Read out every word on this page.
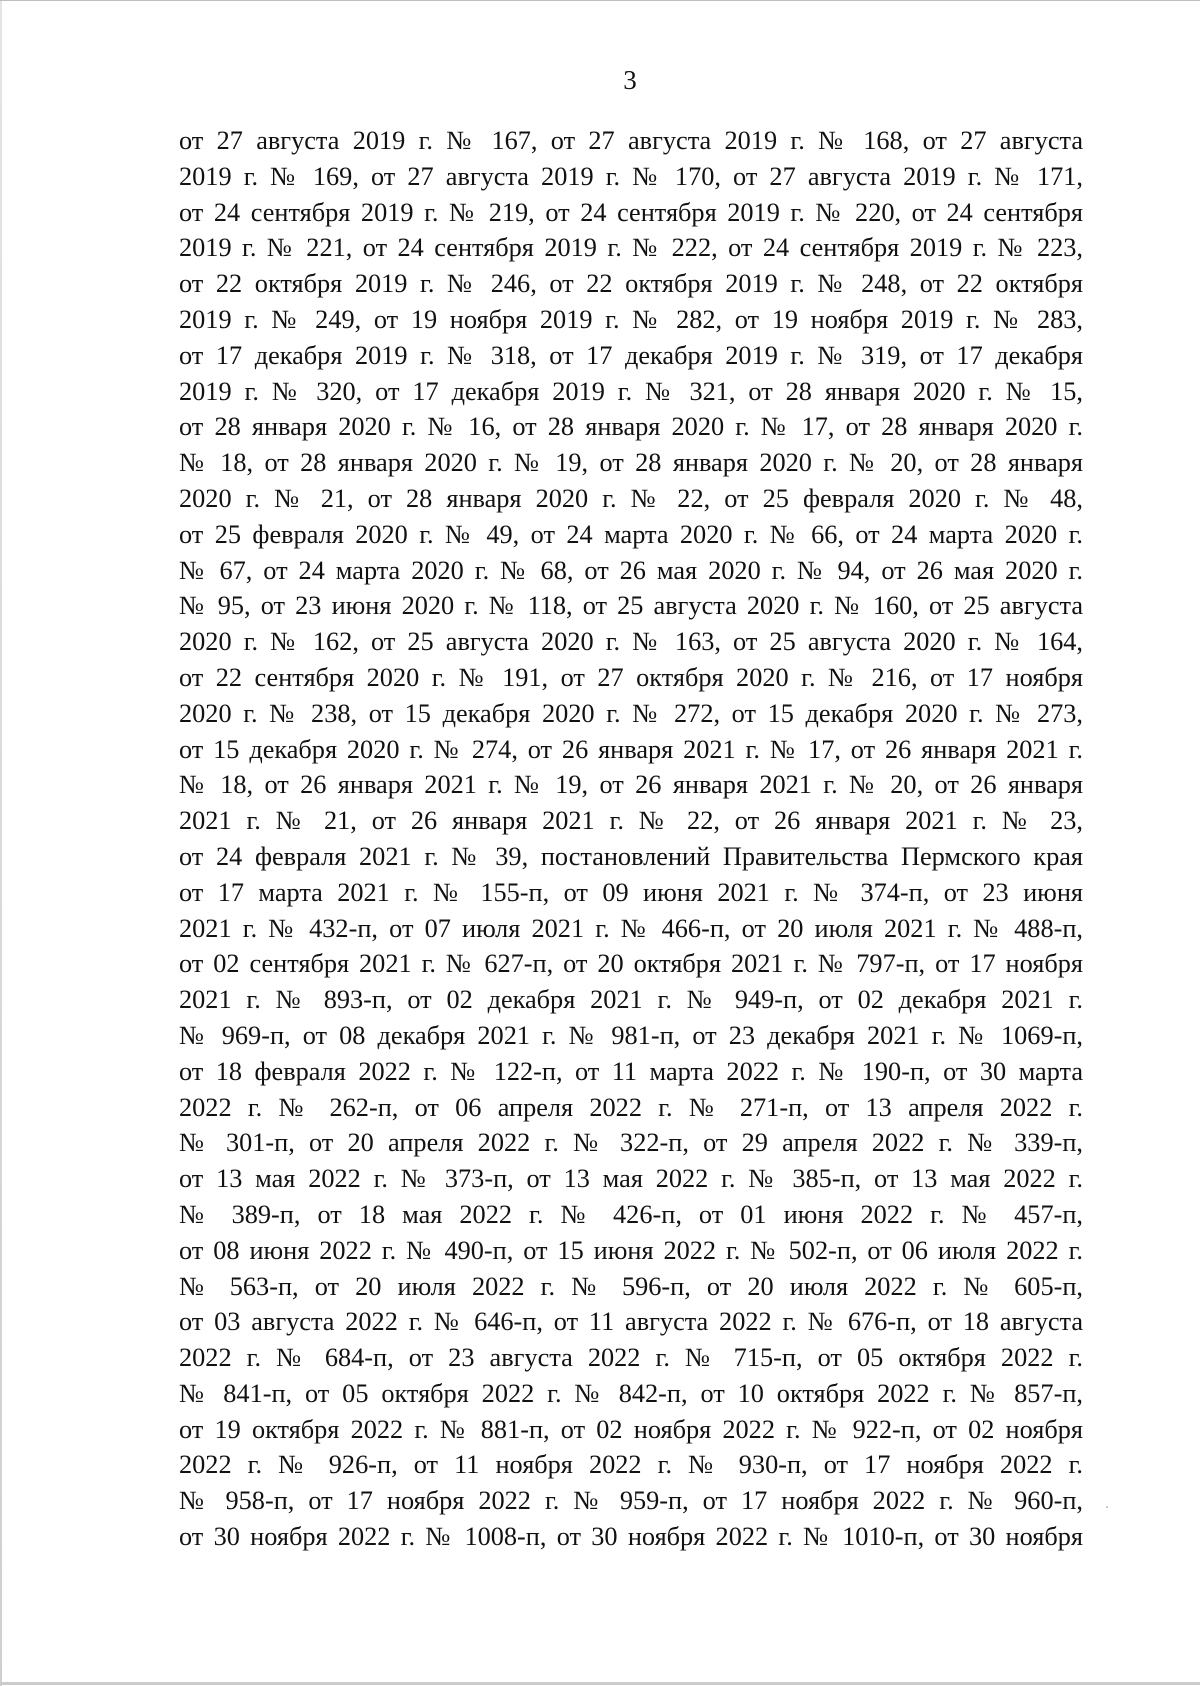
3
от 27 августа 2019 г. № 167, от 27 августа 2019 г. № 168, от 27 августа
2019 г. № 169, от 27 августа 2019 г. № 170, от 27 августа 2019 г. № 171,
от 24 сентября 2019 г. № 219, от 24 сентября 2019 г. № 220, от 24 сентября
2019 г. № 221, от 24 сентября 2019 г. № 222, от 24 сентября 2019 г. № 223,
от 22 октября 2019 г. № 246, от 22 октября 2019 г. № 248, от 22 октября
2019 г. № 249, от 19 ноября 2019 г. № 282, от 19 ноября 2019 г. № 283,
от 17 декабря 2019 г. № 318, от 17 декабря 2019 г. № 319, от 17 декабря
2019 г. № 320, от 17 декабря 2019 г. № 321, от 28 января 2020 г. № 15,
от 28 января 2020 г. № 16, от 28 января 2020 г. № 17, от 28 января 2020 г.
№ 18, от 28 января 2020 г. № 19, от 28 января 2020 г. № 20, от 28 января
2020 г. № 21, от 28 января 2020 г. № 22, от 25 февраля 2020 г. № 48,
от 25 февраля 2020 г. № 49, от 24 марта 2020 г. № 66, от 24 марта 2020 г.
№ 67, от 24 марта 2020 г. № 68, от 26 мая 2020 г. № 94, от 26 мая 2020 г.
№ 95, от 23 июня 2020 г. № 118, от 25 августа 2020 г. № 160, от 25 августа
2020 г. № 162, от 25 августа 2020 г. № 163, от 25 августа 2020 г. № 164,
от 22 сентября 2020 г. № 191, от 27 октября 2020 г. № 216, от 17 ноября
2020 г. № 238, от 15 декабря 2020 г. № 272, от 15 декабря 2020 г. № 273,
от 15 декабря 2020 г. № 274, от 26 января 2021 г. № 17, от 26 января 2021 г.
№ 18, от 26 января 2021 г. № 19, от 26 января 2021 г. № 20, от 26 января
2021 г. № 21, от 26 января 2021 г. № 22, от 26 января 2021 г. № 23,
от 24 февраля 2021 г. № 39, постановлений Правительства Пермского края
от 17 марта 2021 г. № 155-п, от 09 июня 2021 г. № 374-п, от 23 июня
2021 г. № 432-п, от 07 июля 2021 г. № 466-п, от 20 июля 2021 г. № 488-п,
от 02 сентября 2021 г. № 627-п, от 20 октября 2021 г. № 797-п, от 17 ноября
2021 г. № 893-п, от 02 декабря 2021 г. № 949-п, от 02 декабря 2021 г.
№ 969-п, от 08 декабря 2021 г. № 981-п, от 23 декабря 2021 г. № 1069-п,
от 18 февраля 2022 г. № 122-п, от 11 марта 2022 г. № 190-п, от 30 марта
2022 г. № 262-п, от 06 апреля 2022 г. № 271-п, от 13 апреля 2022 г.
№ 301-п, от 20 апреля 2022 г. № 322-п, от 29 апреля 2022 г. № 339-п,
от 13 мая 2022 г. № 373-п, от 13 мая 2022 г. № 385-п, от 13 мая 2022 г.
№ 389-п, от 18 мая 2022 г. № 426-п, от 01 июня 2022 г. № 457-п,
от 08 июня 2022 г. № 490-п, от 15 июня 2022 г. № 502-п, от 06 июля 2022 г.
№ 563-п, от 20 июля 2022 г. № 596-п, от 20 июля 2022 г. № 605-п,
от 03 августа 2022 г. № 646-п, от 11 августа 2022 г. № 676-п, от 18 августа
2022 г. № 684-п, от 23 августа 2022 г. № 715-п, от 05 октября 2022 г.
№ 841-п, от 05 октября 2022 г. № 842-п, от 10 октября 2022 г. № 857-п,
от 19 октября 2022 г. № 881-п, от 02 ноября 2022 г. № 922-п, от 02 ноября
2022 г. № 926-п, от 11 ноября 2022 г. № 930-п, от 17 ноября 2022 г.
№ 958-п, от 17 ноября 2022 г. № 959-п, от 17 ноября 2022 г. № 960-п,
от 30 ноября 2022 г. № 1008-п, от 30 ноября 2022 г. № 1010-п, от 30 ноября
